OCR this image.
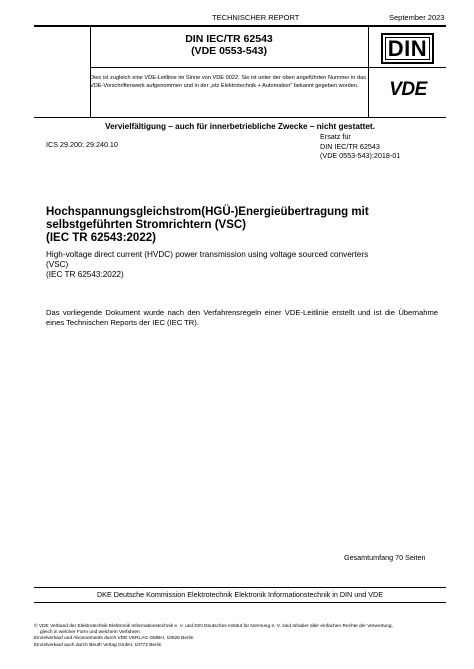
TECHNISCHER REPORT	September 2023
DIN IEC/TR 62543
(VDE 0553-543)	DIN
Dies ist zugleich eine VDE-Leitlinie im Sinne von VDE 0022. Sie ist unter der oben angeführten Nummer in das VDE-Vorschriftenwerk aufgenommen und in der „etz Elektrotechnik + Automation“ bekannt gegeben worden.	VDE
Vervielfältigung – auch für innerbetriebliche Zwecke – nicht gestattet.
ICS 29.200; 29.240.10
Ersatz für
DIN IEC/TR 62543
(VDE 0553-543):2018-01
Hochspannungsgleichstrom(HGÜ-)Energieübertragung mit
selbstgeführten Stromrichtern (VSC)
(IEC TR 62543:2022)
High-voltage direct current (HVDC) power transmission using voltage sourced converters
(VSC)
(IEC TR 62543:2022)
Das vorliegende Dokument wurde nach den Verfahrensregeln einer VDE-Leitlinie erstellt und ist die Übernahme eines Technischen Reports der IEC (IEC TR).
Gesamtumfang 70 Seiten
DKE Deutsche Kommission Elektrotechnik Elektronik Informationstechnik in DIN und VDE
© VDE Verband der Elektrotechnik Elektronik Informationstechnik e. V. und DIN Deutsches Institut für Normung e. V. sind Inhaber aller einfachen Rechte der Verwertung,
gleich in welcher Form und welchem Verfahren.
Einzelverkauf und Abonnements durch VDE VERLAG GMBH, 10625 Berlin
Einzelverkauf auch durch Beuth Verlag GmbH, 10772 Berlin
